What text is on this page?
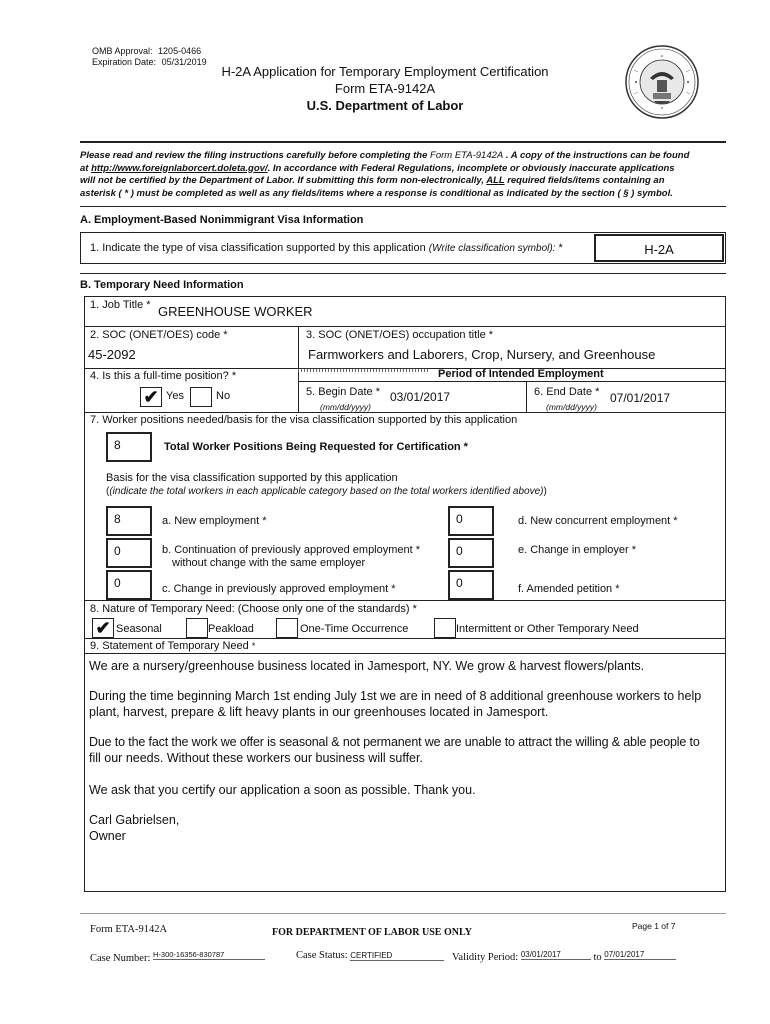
OMB Approval: 1205-0466
Expiration Date: 05/31/2019
H-2A Application for Temporary Employment Certification
Form ETA-9142A
U.S. Department of Labor
Please read and review the filing instructions carefully before completing the Form ETA-9142A . A copy of the instructions can be found
at http://www.foreignlaborcert.doleta.gov/. In accordance with Federal Regulations, incomplete or obviously inaccurate applications
will not be certified by the Department of Labor. If submitting this form non-electronically, ALL required fields/items containing an
asterisk ( * ) must be completed as well as any fields/items where a response is conditional as indicated by the section ( § ) symbol.
A. Employment-Based Nonimmigrant Visa Information
1. Indicate the type of visa classification supported by this application (Write classification symbol): *	H-2A
B. Temporary Need Information
1. Job Title * GREENHOUSE WORKER
2. SOC (ONET/OES) code *
45-2092
3. SOC (ONET/OES) occupation title *
Farmworkers and Laborers, Crop, Nursery, and Greenhouse
4. Is this a full-time position? *
✔ Yes	No
Period of Intended Employment
5. Begin Date * 03/01/2017
(mm/dd/yyyy)
6. End Date * 07/01/2017
(mm/dd/yyyy)
7. Worker positions needed/basis for the visa classification supported by this application
8	Total Worker Positions Being Requested for Certification *
Basis for the visa classification supported by this application
((indicate the total workers in each applicable category based on the total workers identified above))
8	a. New employment *	0	d. New concurrent employment *
0	b. Continuation of previously approved employment *
without change with the same employer
0	e. Change in employer *
0	c. Change in previously approved employment *	0	f. Amended petition *
8. Nature of Temporary Need: (Choose only one of the standards) *
✔ Seasonal	Peakload	One-Time Occurrence	Intermittent or Other Temporary Need
9. Statement of Temporary Need *
We are a nursery/greenhouse business located in Jamesport, NY. We grow & harvest flowers/plants.
During the time beginning March 1st ending July 1st we are in need of 8 additional greenhouse workers to help
plant, harvest, prepare & lift heavy plants in our greenhouses located in Jamesport.
Due to the fact the work we offer is seasonal & not permanent we are unable to attract the willing & able people to
fill our needs. Without these workers our business will suffer.
We ask that you certify our application a soon as possible. Thank you.
Carl Gabrielsen,
Owner
Form ETA-9142A	FOR DEPARTMENT OF LABOR USE ONLY
Page 1 of 7
Case Number: H-300-16356-830787	Case Status: CERTIFIED	Validity Period: 03/01/2017	to 07/01/2017
